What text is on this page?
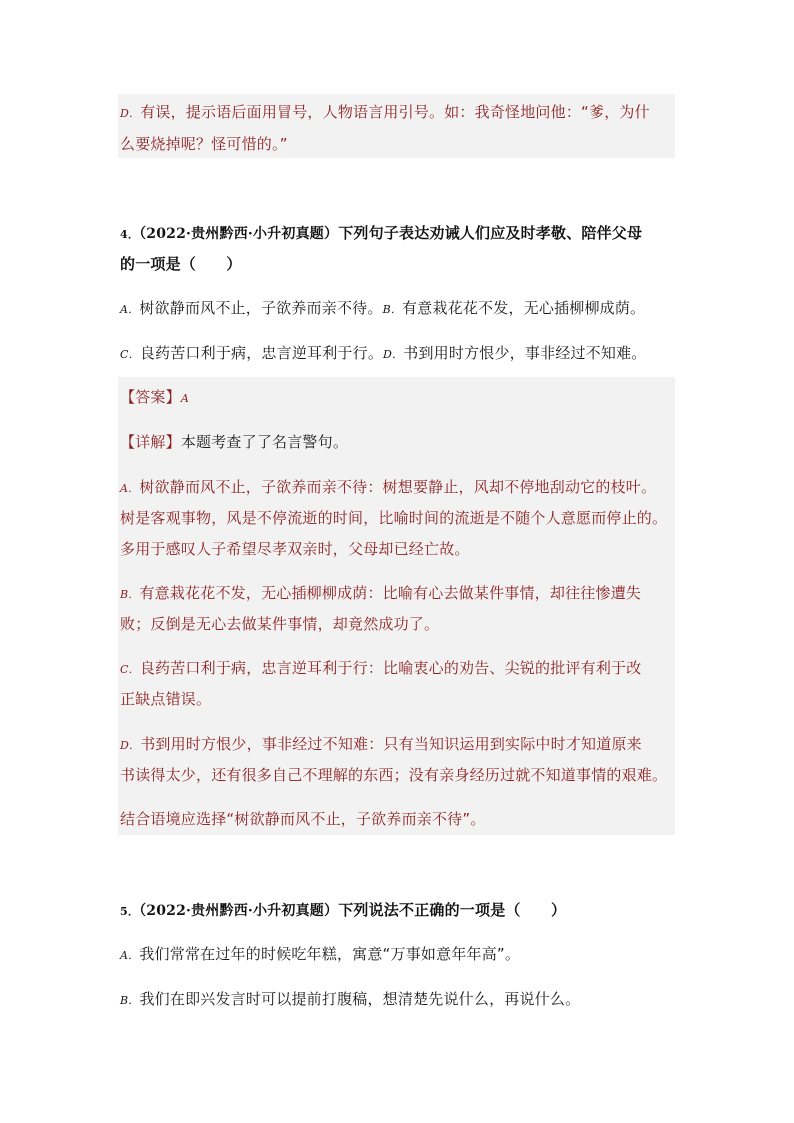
D．有误，提示语后面用冒号，人物语言用引号。如：我奇怪地问他：“爹，为什
么要烧掉呢？怪可惜的。”
4．（2022·贵州黔西·小升初真题）下列句子表达劝诫人们应及时孝敬、陪伴父母
的一项是（　　）
A．树欲静而风不止，子欲养而亲不待。B．有意栽花花不发，无心插柳柳成荫。
C．良药苦口利于病，忠言逆耳利于行。D．书到用时方恨少，事非经过不知难。
【答案】A
【详解】本题考查了了名言警句。
A．树欲静而风不止，子欲养而亲不待：树想要静止，风却不停地刮动它的枝叶。
树是客观事物，风是不停流逝的时间，比喻时间的流逝是不随个人意愿而停止的。
多用于感叹人子希望尽孝双亲时，父母却已经亡故。
B．有意栽花花不发，无心插柳柳成荫：比喻有心去做某件事情，却往往惨遭失
败；反倒是无心去做某件事情，却竟然成功了。
C．良药苦口利于病，忠言逆耳利于行：比喻衷心的劝告、尖锐的批评有利于改
正缺点错误。
D．书到用时方恨少，事非经过不知难：只有当知识运用到实际中时才知道原来
书读得太少，还有很多自己不理解的东西；没有亲身经历过就不知道事情的艰难。
结合语境应选择“树欲静而风不止，子欲养而亲不待”。
5．（2022·贵州黔西·小升初真题）下列说法不正确的一项是（　　）
A．我们常常在过年的时候吃年糕，寓意“万事如意年年高”。
B．我们在即兴发言时可以提前打腹稿，想清楚先说什么，再说什么。
